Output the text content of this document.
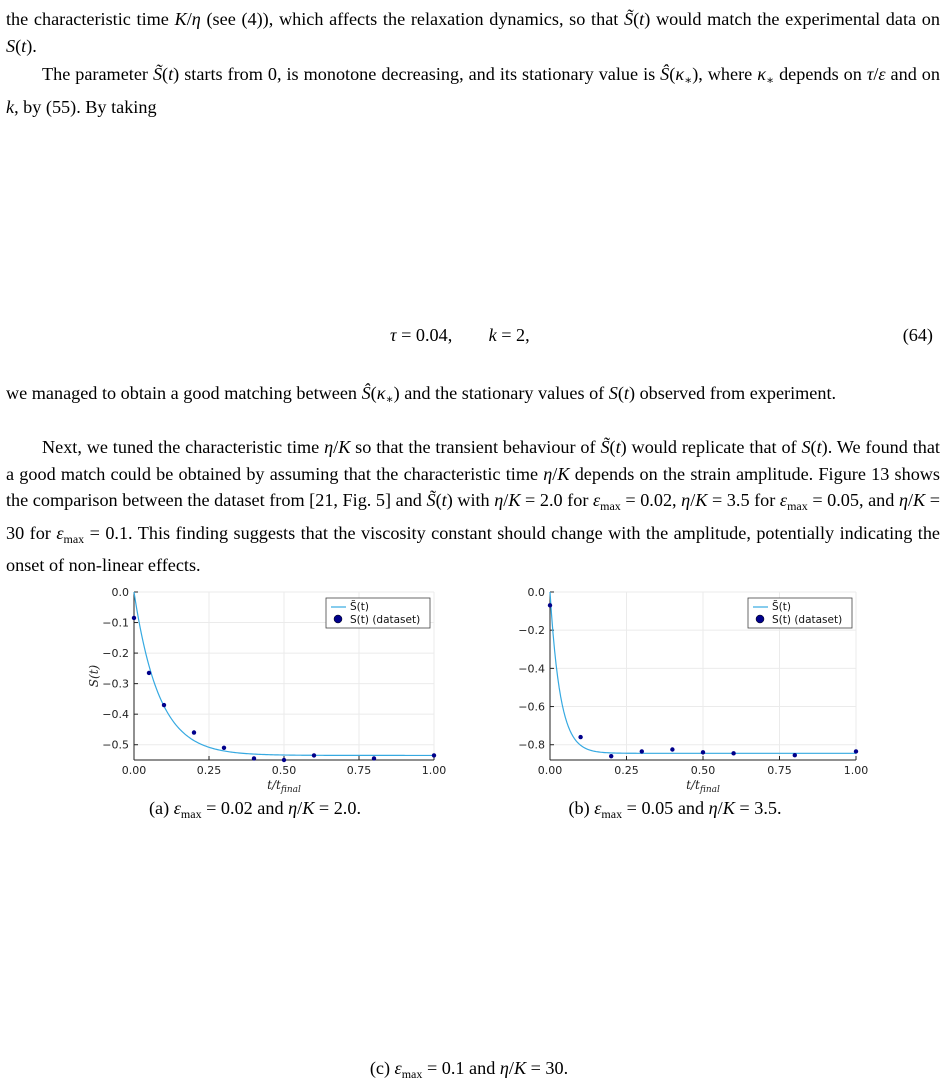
the characteristic time K/η (see (4)), which affects the relaxation dynamics, so that S̃(t) would match the experimental data on S(t).

The parameter S̃(t) starts from 0, is monotone decreasing, and its stationary value is $Ŝ(\kappa_∗)$, where $\kappa_∗$ depends on τ/ε and on k, by (55). By taking

τ = 0.04,        k = 2,	(64)

we managed to obtain a good matching between $Ŝ(\kappa_∗)$ and the stationary values of S(t) observed from experiment.

Next, we tuned the characteristic time η/K so that the transient behaviour of S̃(t) would replicate that of S(t). We found that a good match could be obtained by assuming that the characteristic time η/K depends on the strain amplitude. Figure 13 shows the comparison between the dataset from [21, Fig. 5] and S̃(t) with η/K = 2.0 for $\varepsilon_{max} = 0.02$, η/K = 3.5 for $\varepsilon_{max} = 0.05$, and η/K = 30 for $\varepsilon_{max} = 0.1$. This finding suggests that the viscosity constant should change with the amplitude, potentially indicating the onset of non-linear effects.

0.00	0.25	0.50	0.75	1.00
0.0
−0.1
−0.2
−0.3
−0.4
−0.5
$t/t_{final}$
S(t)
S̃(t)
S(t) (dataset)
(a) $\varepsilon_{max} = 0.02$ and η/K = 2.0.
0.00	0.25	0.50	0.75	1.00
0.0
−0.2
−0.4
−0.6
−0.8
$t/t_{final}$
S̃(t)
S(t) (dataset)
(b) $\varepsilon_{max} = 0.05$ and η/K = 3.5.
(c) $\varepsilon_{max} = 0.1$ and η/K = 30.
